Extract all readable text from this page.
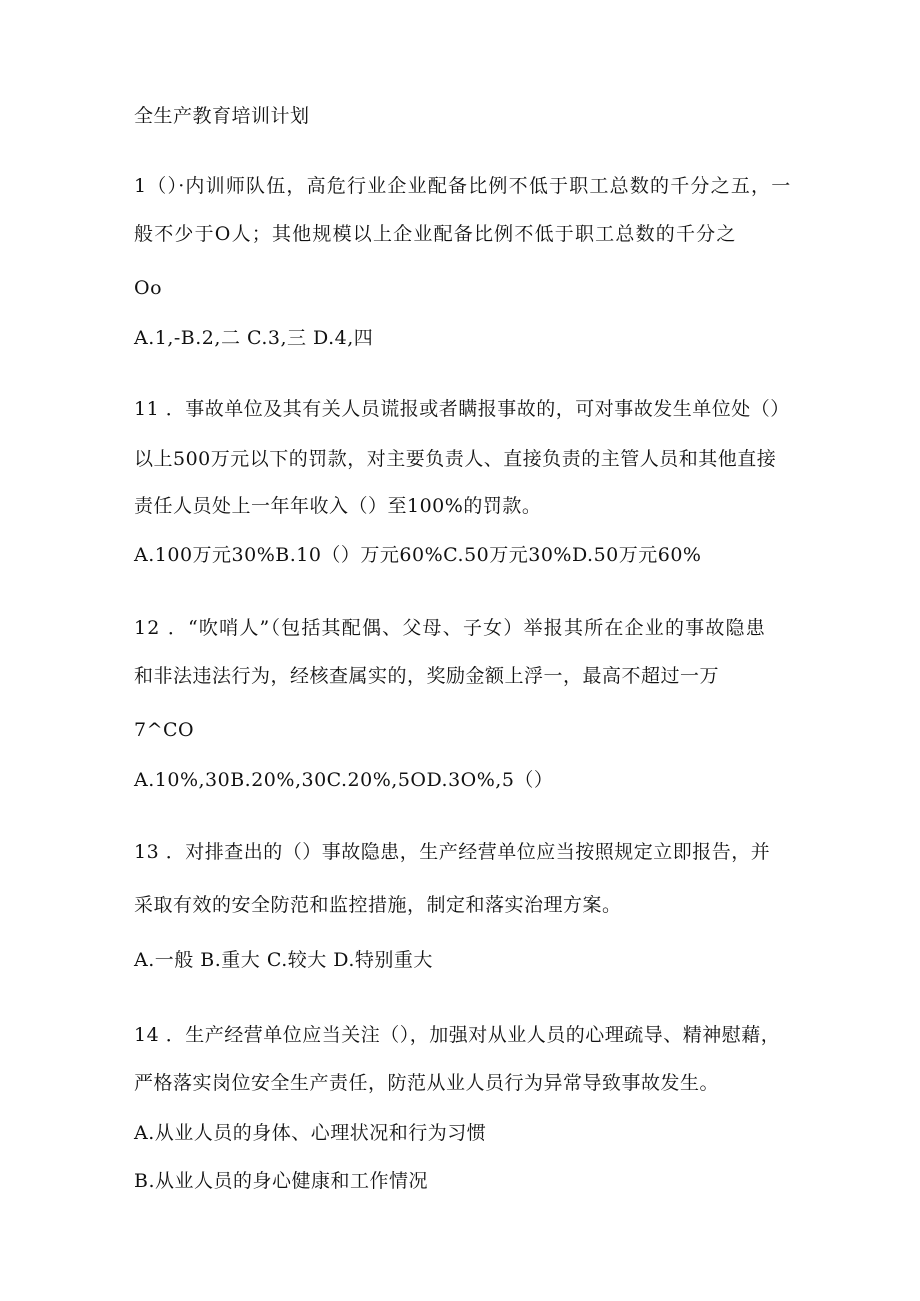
全生产教育培训计划
1（）·内训师队伍，高危行业企业配备比例不低于职工总数的千分之五，一
般不少于O人；其他规模以上企业配备比例不低于职工总数的千分之
Oo
A.1,-B.2,二 C.3,三 D.4,四
11 ．事故单位及其有关人员谎报或者瞒报事故的，可对事故发生单位处（）
以上500万元以下的罚款，对主要负责人、直接负责的主管人员和其他直接
责任人员处上一年年收入（）至100%的罚款。
A.100万元30%B.10（）万元60%C.50万元30%D.50万元60%
12 ．“吹哨人”（包括其配偶、父母、子女）举报其所在企业的事故隐患
和非法违法行为，经核查属实的，奖励金额上浮一，最高不超过一万
7^CO
A.10%,30B.20%,30C.20%,5OD.3O%,5（）
13 ．对排查出的（）事故隐患，生产经营单位应当按照规定立即报告，并
采取有效的安全防范和监控措施，制定和落实治理方案。
A.一般 B.重大 C.较大 D.特别重大
14 ．生产经营单位应当关注（），加强对从业人员的心理疏导、精神慰藉，
严格落实岗位安全生产责任，防范从业人员行为异常导致事故发生。
A.从业人员的身体、心理状况和行为习惯
B.从业人员的身心健康和工作情况
